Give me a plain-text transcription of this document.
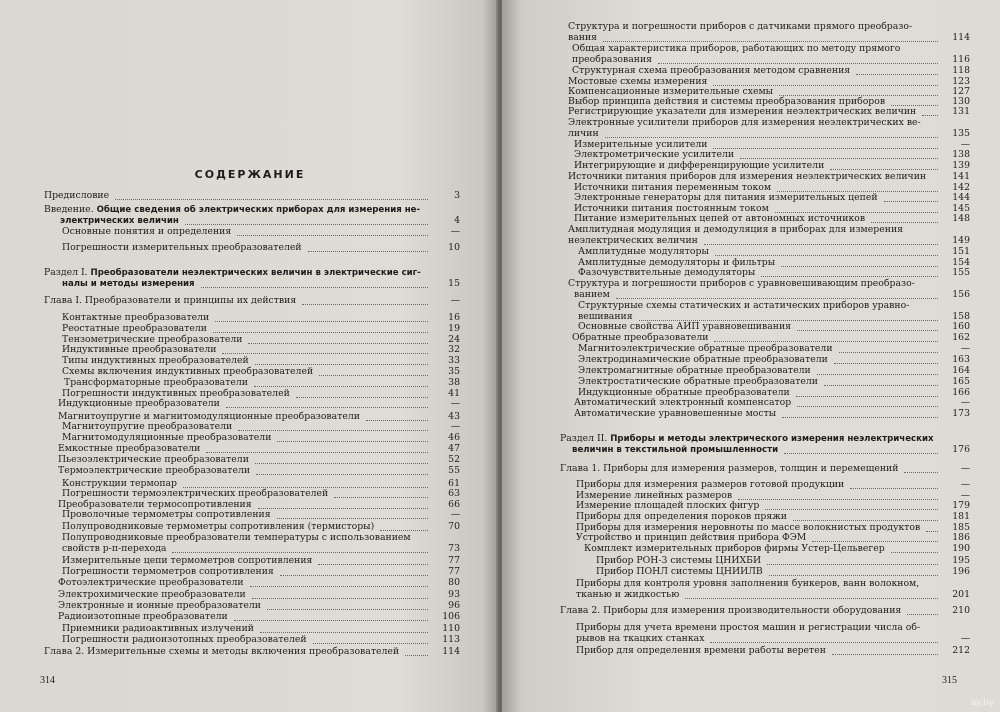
СОДЕРЖАНИЕ
Предисловие	3
Введение. Общие сведения об электрических приборах для измерения не-
электрических величин	4
Основные понятия и определения	—
Погрешности измерительных преобразователей	10
Раздел I. Преобразователи неэлектрических величин в электрические сиг-
налы и методы измерения	15
Глава I. Преобразователи и принципы их действия	—
Контактные преобразователи	16
Реостатные преобразователи	19
Тензометрические преобразователи	24
Индуктивные преобразователи	32
Типы индуктивных преобразователей	33
Схемы включения индуктивных преобразователей	35
Трансформаторные преобразователи	38
Погрешности индуктивных преобразователей	41
Индукционные преобразователи	—
Магнитоупругие и магнитомодуляционные преобразователи	43
Магнитоупругие преобразователи	—
Магнитомодуляционные преобразователи	46
Емкостные преобразователи	47
Пьезоэлектрические преобразователи	52
Термоэлектрические преобразователи	55
Конструкции термопар	61
Погрешности термоэлектрических преобразователей	63
Преобразователи термосопротивления	66
Проволочные термометры сопротивления	—
Полупроводниковые термометры сопротивления (термисторы)	70
Полупроводниковые преобразователи температуры с использованием
свойств р-п-перехода	73
Измерительные цепи термометров сопротивления	77
Погрешности термометров сопротивления	77
Фотоэлектрические преобразователи	80
Электрохимические преобразователи	93
Электронные и ионные преобразователи	96
Радиоизотопные преобразователи	106
Приемники радиоактивных излучений	110
Погрешности радиоизотопных преобразователей	113
Глава 2. Измерительные схемы и методы включения преобразователей	114
314
Структура и погрешности приборов с датчиками прямого преобразо-
вания	114
Общая характеристика приборов, работающих по методу прямого
преобразования	116
Структурная схема преобразования методом сравнения	118
Мостовые схемы измерения	123
Компенсационные измерительные схемы	127
Выбор принципа действия и системы преобразования приборов	130
Регистрирующие указатели для измерения неэлектрических величин	131
Электронные усилители приборов для измерения неэлектрических ве-
личин	135
Измерительные усилители	—
Электрометрические усилители	138
Интегрирующие и дифференцирующие усилители	139
Источники питания приборов для измерения неэлектрических величин	141
Источники питания переменным током	142
Электронные генераторы для питания измерительных цепей	144
Источники питания постоянным током	145
Питание измерительных цепей от автономных источников	148
Амплитудная модуляция и демодуляция в приборах для измерения
неэлектрических величин	149
Амплитудные модуляторы	151
Амплитудные демодуляторы и фильтры	154
Фазочувствительные демодуляторы	155
Структура и погрешности приборов с уравновешивающим преобразо-
ванием	156
Структурные схемы статических и астатических приборов уравно-
вешивания	158
Основные свойства АИП уравновешивания	160
Обратные преобразователи	162
Магнитоэлектрические обратные преобразователи	—
Электродинамические обратные преобразователи	163
Электромагнитные обратные преобразователи	164
Электростатические обратные преобразователи	165
Индукционные обратные преобразователи	166
Автоматический электронный компенсатор	—
Автоматические уравновешенные мосты	173
Раздел II. Приборы и методы электрического измерения неэлектрических
величин в текстильной промышленности	176
Глава 1. Приборы для измерения размеров, толщин и перемещений	—
Приборы для измерения размеров готовой продукции	—
Измерение линейных размеров	—
Измерение площадей плоских фигур	179
Приборы для определения пороков пряжи	181
Приборы для измерения неровноты по массе волокнистых продуктов	185
Устройство и принцип действия прибора ФЭМ	186
Комплект измерительных приборов фирмы Устер-Цельвегер	190
Прибор РОН-3 системы ЦНИХБИ	195
Прибор ПОНЛ системы ЦНИИЛВ	196
Приборы для контроля уровня заполнения бункеров, ванн волокном,
тканью и жидкостью	201
Глава 2. Приборы для измерения производительности оборудования	210
Приборы для учета времени простоя машин и регистрации числа об-
рывов на ткацких станках	—
Прибор для определения времени работы веретен	212
315
ay.by
